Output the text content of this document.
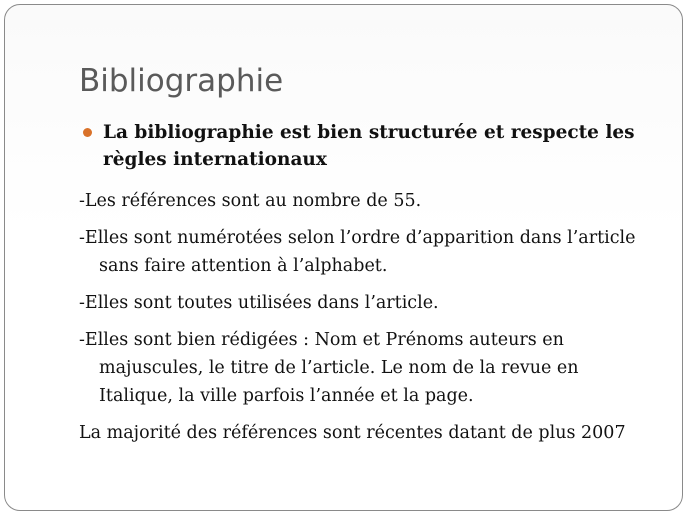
Bibliographie
La bibliographie est bien structurée et respecte les
règles internationaux
-Les références sont au nombre de 55.
-Elles sont numérotées selon l’ordre d’apparition dans l’article
sans faire attention à l’alphabet.
-Elles sont toutes utilisées dans l’article.
-Elles sont bien rédigées : Nom et Prénoms auteurs en
majuscules, le titre de l’article. Le nom de la revue en
Italique, la ville parfois l’année et la page.
La majorité des références sont récentes datant de plus 2007
